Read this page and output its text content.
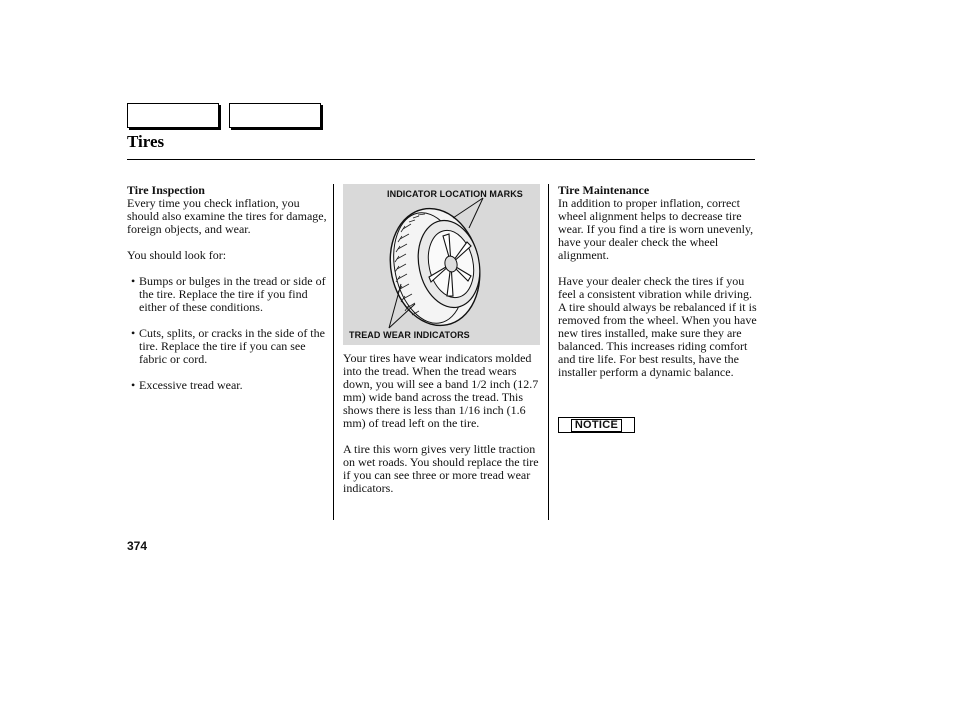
Tires

Tire Inspection

Every time you check inflation, you should also examine the tires for damage, foreign objects, and wear.

You should look for:

• Bumps or bulges in the tread or side of the tire. Replace the tire if you find either of these conditions.
• Cuts, splits, or cracks in the side of the tire. Replace the tire if you can see fabric or cord.
• Excessive tread wear.
INDICATOR LOCATION MARKS
TREAD WEAR INDICATORS

Your tires have wear indicators molded into the tread. When the tread wears down, you will see a band 1/2 inch (12.7 mm) wide band across the tread. This shows there is less than 1/16 inch (1.6 mm) of tread left on the tire.

A tire this worn gives very little traction on wet roads. You should replace the tire if you can see three or more tread wear indicators.

Tire Maintenance

In addition to proper inflation, correct wheel alignment helps to decrease tire wear. If you find a tire is worn unevenly, have your dealer check the wheel alignment.

Have your dealer check the tires if you feel a consistent vibration while driving. A tire should always be rebalanced if it is removed from the wheel. When you have new tires installed, make sure they are balanced. This increases riding comfort and tire life. For best results, have the installer perform a dynamic balance.

NOTICE

374
